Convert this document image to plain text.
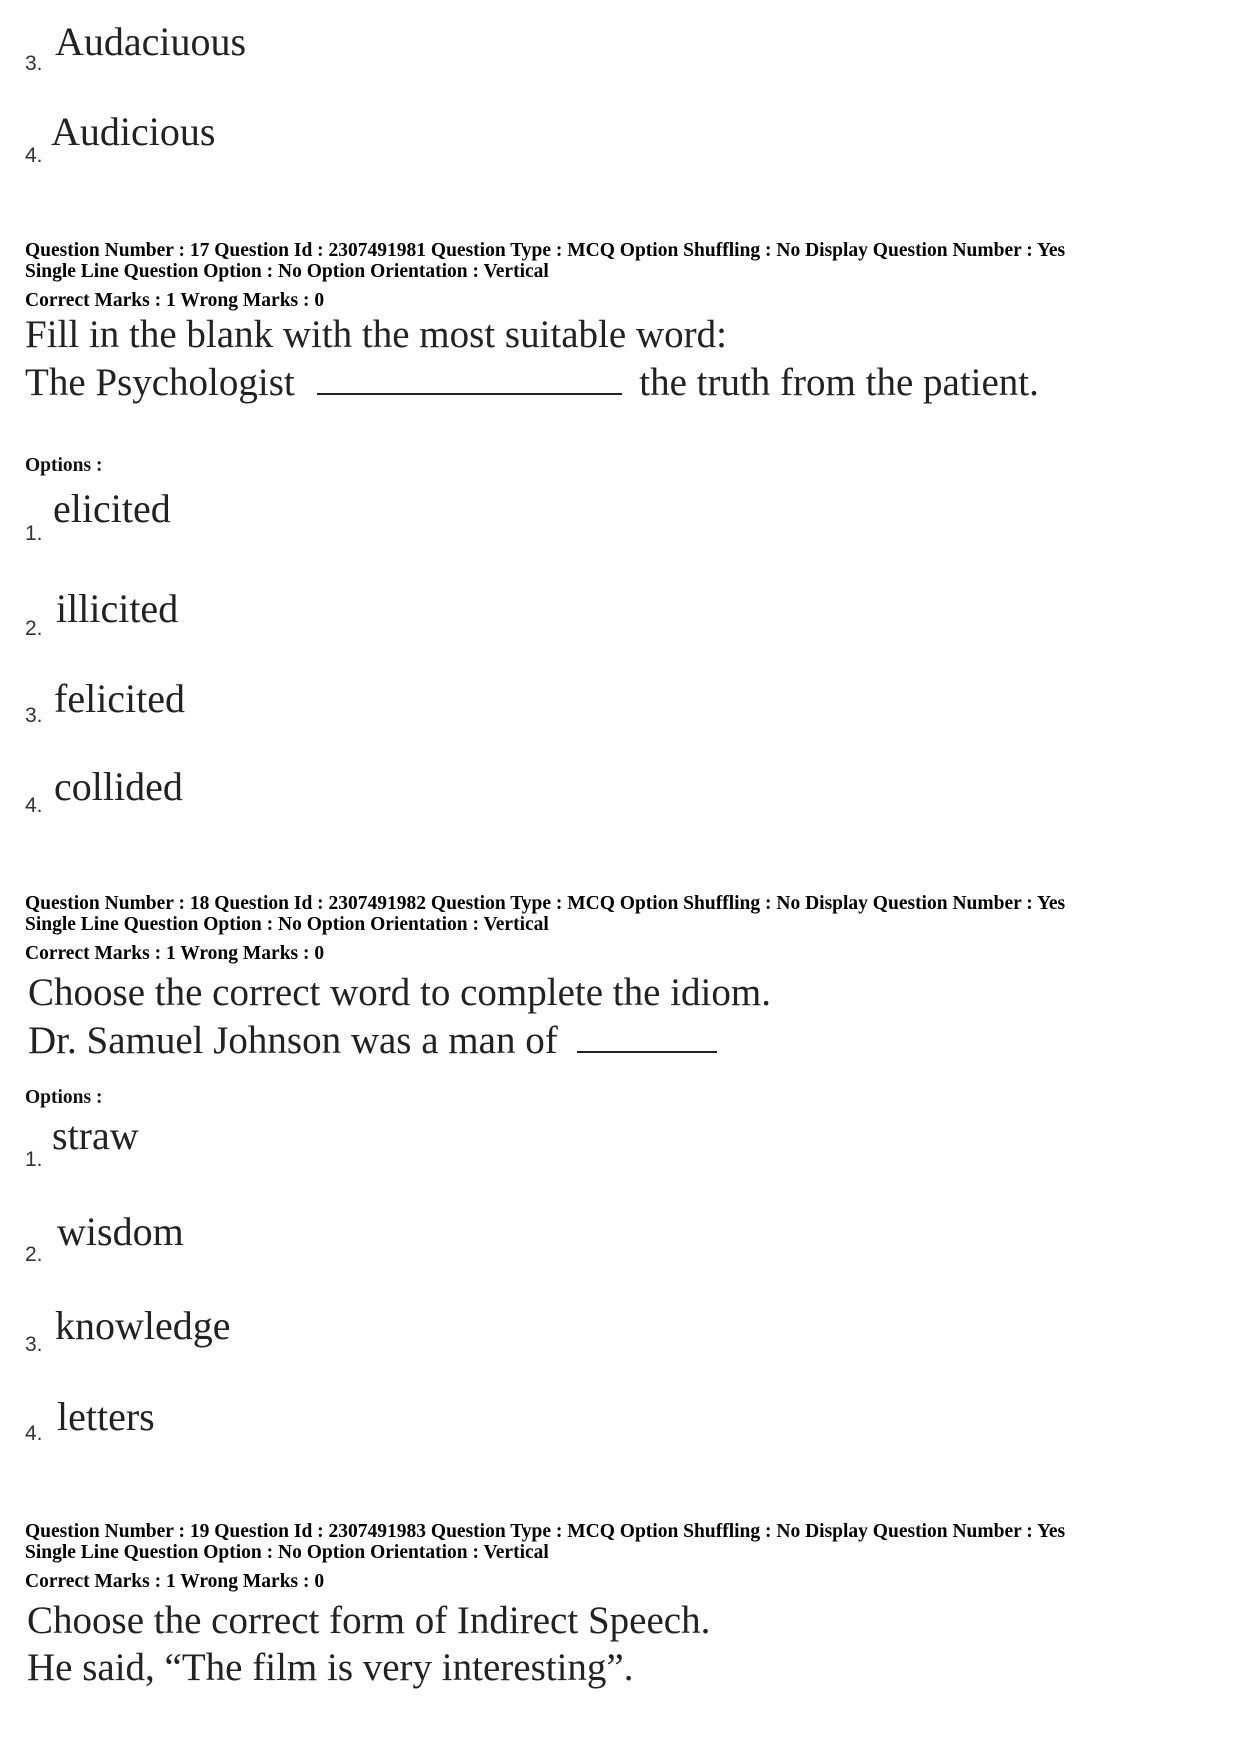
3. Audaciuous
4.
Audicious
Question Number : 17 Question Id : 2307491981 Question Type : MCQ Option Shuffling : No Display Question Number : Yes
Single Line Question Option : No Option Orientation : Vertical
Correct Marks : 1 Wrong Marks : 0
Fill in the blank with the most suitable word:
The Psychologist	the truth from the patient.
Options :
1.
elicited
2. illicited
3. felicited
4. collided
Question Number : 18 Question Id : 2307491982 Question Type : MCQ Option Shuffling : No Display Question Number : Yes
Single Line Question Option : No Option Orientation : Vertical
Correct Marks : 1 Wrong Marks : 0
Choose the correct word to complete the idiom.
Dr. Samuel Johnson was a man of
Options :
1.
straw
2.
wisdom
3. knowledge
4. letters
Question Number : 19 Question Id : 2307491983 Question Type : MCQ Option Shuffling : No Display Question Number : Yes
Single Line Question Option : No Option Orientation : Vertical
Correct Marks : 1 Wrong Marks : 0
Choose the correct form of Indirect Speech.
He said, “The film is very interesting”.
